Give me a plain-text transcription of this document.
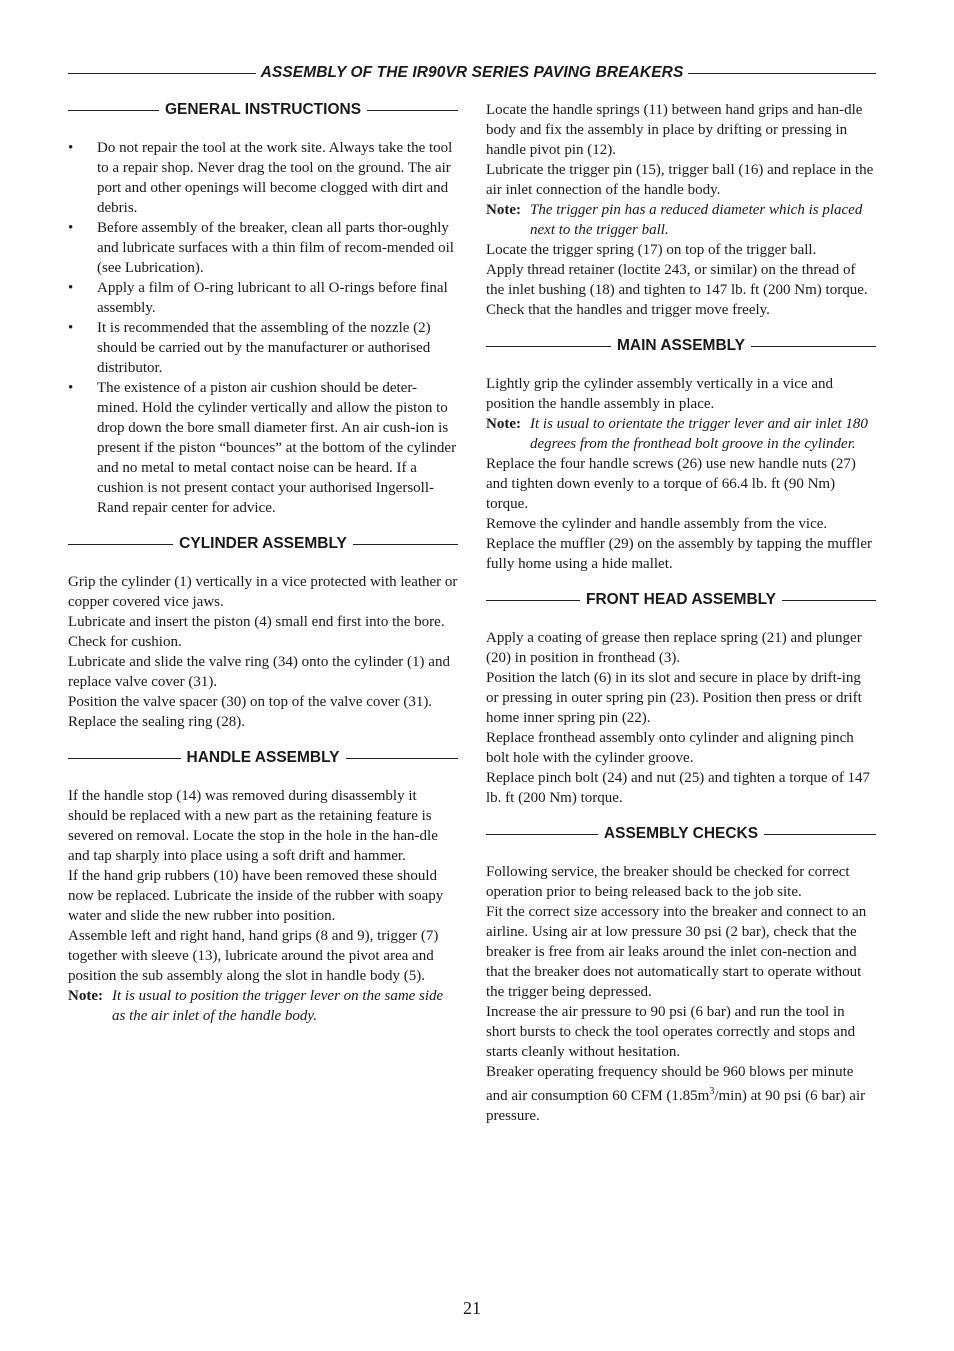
ASSEMBLY OF THE IR90VR SERIES PAVING BREAKERS
GENERAL INSTRUCTIONS
• Do not repair the tool at the work site. Always take the tool to a repair shop. Never drag the tool on the ground. The air port and other openings will become clogged with dirt and debris.
• Before assembly of the breaker, clean all parts thor-oughly and lubricate surfaces with a thin film of recom-mended oil (see Lubrication).
• Apply a film of O-ring lubricant to all O-rings before final assembly.
• It is recommended that the assembling of the nozzle (2) should be carried out by the manufacturer or authorised distributor.
• The existence of a piston air cushion should be deter-mined. Hold the cylinder vertically and allow the piston to drop down the bore small diameter first. An air cush-ion is present if the piston “bounces” at the bottom of the cylinder and no metal to metal contact noise can be heard. If a cushion is not present contact your authorised Ingersoll-Rand repair center for advice.
CYLINDER ASSEMBLY

Grip the cylinder (1) vertically in a vice protected with leather or copper covered vice jaws.

Lubricate and insert the piston (4) small end first into the bore. Check for cushion.

Lubricate and slide the valve ring (34) onto the cylinder (1) and replace valve cover (31).

Position the valve spacer (30) on top of the valve cover (31). Replace the sealing ring (28).

HANDLE ASSEMBLY

If the handle stop (14) was removed during disassembly it should be replaced with a new part as the retaining feature is severed on removal. Locate the stop in the hole in the han-dle and tap sharply into place using a soft drift and hammer.

If the hand grip rubbers (10) have been removed these should now be replaced. Lubricate the inside of the rubber with soapy water and slide the new rubber into position.

Assemble left and right hand, hand grips (8 and 9), trigger (7) together with sleeve (13), lubricate around the pivot area and position the sub assembly along the slot in handle body (5).

Note: It is usual to position the trigger lever on the same side as the air inlet of the handle body.

Locate the handle springs (11) between hand grips and han-dle body and fix the assembly in place by drifting or pressing in handle pivot pin (12).

Lubricate the trigger pin (15), trigger ball (16) and replace in the air inlet connection of the handle body.

Note: The trigger pin has a reduced diameter which is placed next to the trigger ball.

Locate the trigger spring (17) on top of the trigger ball.

Apply thread retainer (loctite 243, or similar) on the thread of the inlet bushing (18) and tighten to 147 lb. ft (200 Nm) torque. Check that the handles and trigger move freely.

MAIN ASSEMBLY

Lightly grip the cylinder assembly vertically in a vice and position the handle assembly in place.

Note: It is usual to orientate the trigger lever and air inlet 180 degrees from the fronthead bolt groove in the cylinder.

Replace the four handle screws (26) use new handle nuts (27) and tighten down evenly to a torque of 66.4 lb. ft (90 Nm) torque.

Remove the cylinder and handle assembly from the vice.

Replace the muffler (29) on the assembly by tapping the muffler fully home using a hide mallet.

FRONT HEAD ASSEMBLY

Apply a coating of grease then replace spring (21) and plunger (20) in position in fronthead (3).

Position the latch (6) in its slot and secure in place by drift-ing or pressing in outer spring pin (23). Position then press or drift home inner spring pin (22).

Replace fronthead assembly onto cylinder and aligning pinch bolt hole with the cylinder groove.

Replace pinch bolt (24) and nut (25) and tighten a torque of 147 lb. ft (200 Nm) torque.

ASSEMBLY CHECKS

Following service, the breaker should be checked for correct operation prior to being released back to the job site.

Fit the correct size accessory into the breaker and connect to an airline. Using air at low pressure 30 psi (2 bar), check that the breaker is free from air leaks around the inlet con-nection and that the breaker does not automatically start to operate without the trigger being depressed.

Increase the air pressure to 90 psi (6 bar) and run the tool in short bursts to check the tool operates correctly and stops and starts cleanly without hesitation.

Breaker operating frequency should be 960 blows per minute and air consumption 60 CFM $(1.85m^3/\min)$ at 90 psi (6 bar) air pressure.

21
